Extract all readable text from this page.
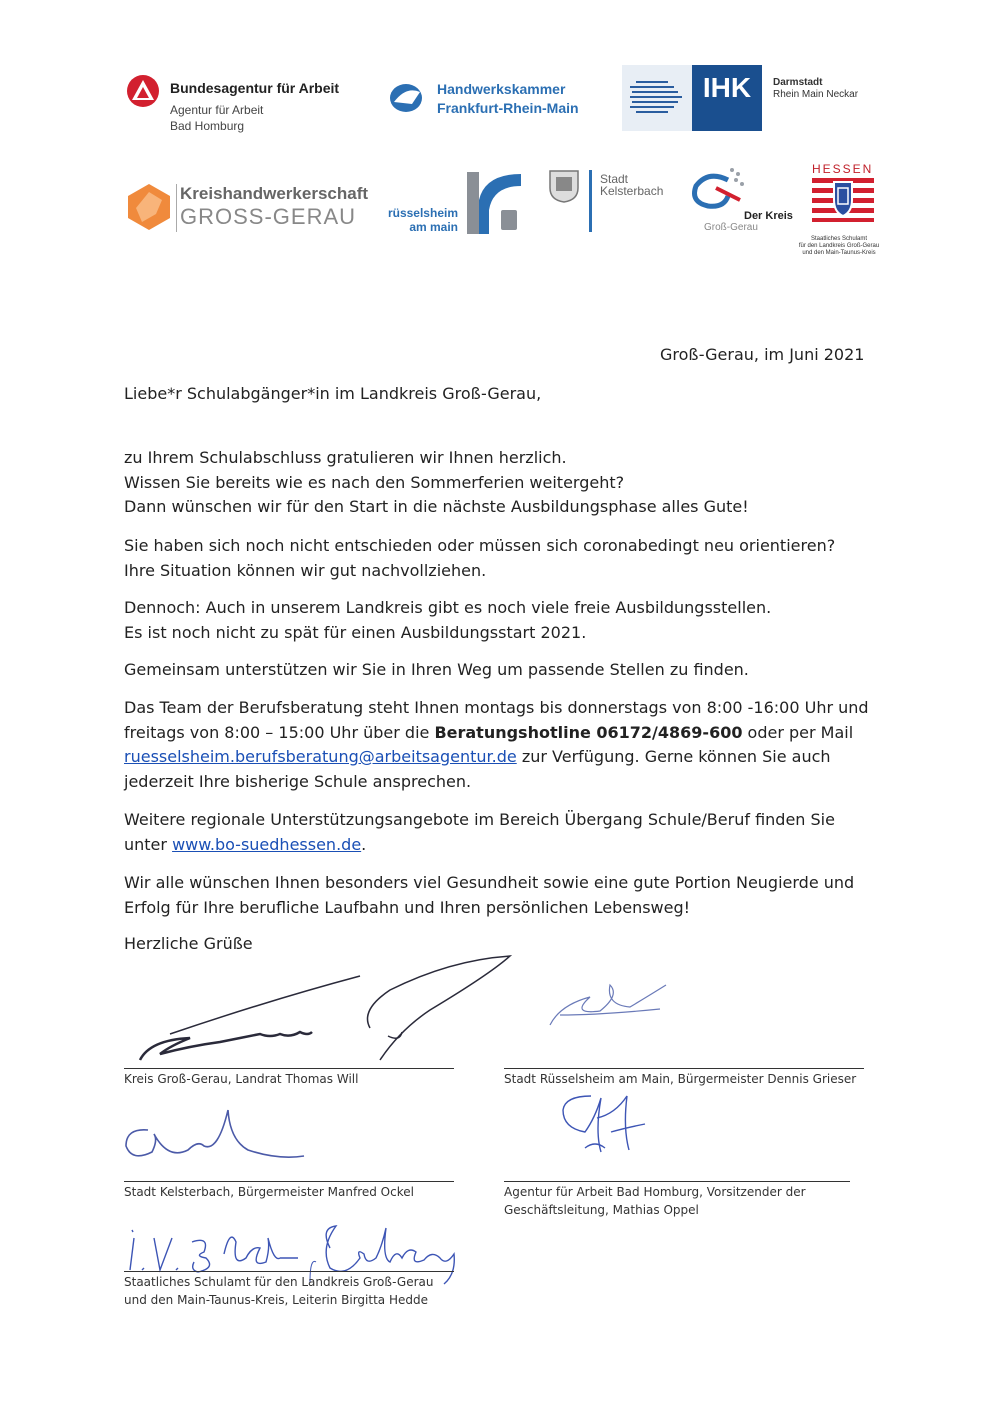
Bundesagentur für Arbeit
Agentur für Arbeit
Bad Homburg
Handwerkskammer
Frankfurt-Rhein-Main
IHK	Darmstadt
Rhein Main Neckar
Kreishandwerkerschaft
GROSS-GERAU	rüsselsheim
am main
Stadt
Kelsterbach
Der Kreis
Groß-Gerau
HESSEN
Staatliches Schulamt
für den Landkreis Groß-Gerau
und den Main-Taunus-Kreis
Groß-Gerau, im Juni 2021
Liebe*r Schulabgänger*in im Landkreis Groß-Gerau,
zu Ihrem Schulabschluss gratulieren wir Ihnen herzlich.
Wissen Sie bereits wie es nach den Sommerferien weitergeht?
Dann wünschen wir für den Start in die nächste Ausbildungsphase alles Gute!
Sie haben sich noch nicht entschieden oder müssen sich coronabedingt neu orientieren?
Ihre Situation können wir gut nachvollziehen.
Dennoch: Auch in unserem Landkreis gibt es noch viele freie Ausbildungsstellen.
Es ist noch nicht zu spät für einen Ausbildungsstart 2021.
Gemeinsam unterstützen wir Sie in Ihren Weg um passende Stellen zu finden.
Das Team der Berufsberatung steht Ihnen montags bis donnerstags von 8:00 -16:00 Uhr und
freitags von 8:00 – 15:00 Uhr über die Beratungshotline 06172/4869-600 oder per Mail
ruesselsheim.berufsberatung@arbeitsagentur.de zur Verfügung. Gerne können Sie auch
jederzeit Ihre bisherige Schule ansprechen.
Weitere regionale Unterstützungsangebote im Bereich Übergang Schule/Beruf finden Sie
unter www.bo-suedhessen.de.
Wir alle wünschen Ihnen besonders viel Gesundheit sowie eine gute Portion Neugierde und
Erfolg für Ihre berufliche Laufbahn und Ihren persönlichen Lebensweg!
Herzliche Grüße
Kreis Groß-Gerau, Landrat Thomas Will	Stadt Rüsselsheim am Main, Bürgermeister Dennis Grieser
Stadt Kelsterbach, Bürgermeister Manfred Ockel	Agentur für Arbeit Bad Homburg, Vorsitzender der
Geschäftsleitung, Mathias Oppel
Staatliches Schulamt für den Landkreis Groß-Gerau
und den Main-Taunus-Kreis, Leiterin Birgitta Hedde
